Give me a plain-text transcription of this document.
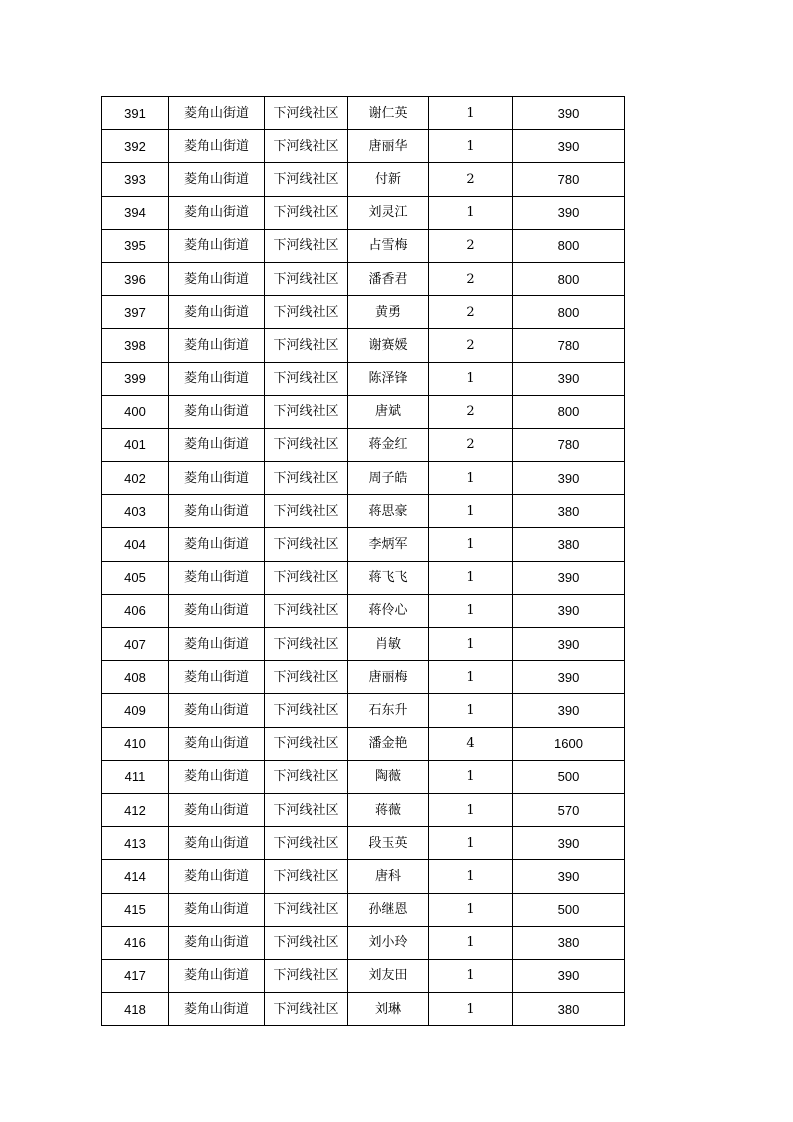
391	菱角山街道	下河线社区	谢仁英	1	390
392	菱角山街道	下河线社区	唐丽华	1	390
393	菱角山街道	下河线社区	付新	2	780
394	菱角山街道	下河线社区	刘灵江	1	390
395	菱角山街道	下河线社区	占雪梅	2	800
396	菱角山街道	下河线社区	潘香君	2	800
397	菱角山街道	下河线社区	黄勇	2	800
398	菱角山街道	下河线社区	谢赛媛	2	780
399	菱角山街道	下河线社区	陈泽锋	1	390
400	菱角山街道	下河线社区	唐斌	2	800
401	菱角山街道	下河线社区	蒋金红	2	780
402	菱角山街道	下河线社区	周子皓	1	390
403	菱角山街道	下河线社区	蒋思豪	1	380
404	菱角山街道	下河线社区	李炳军	1	380
405	菱角山街道	下河线社区	蒋飞飞	1	390
406	菱角山街道	下河线社区	蒋伶心	1	390
407	菱角山街道	下河线社区	肖敏	1	390
408	菱角山街道	下河线社区	唐丽梅	1	390
409	菱角山街道	下河线社区	石东升	1	390
410	菱角山街道	下河线社区	潘金艳	4	1600
411	菱角山街道	下河线社区	陶薇	1	500
412	菱角山街道	下河线社区	蒋薇	1	570
413	菱角山街道	下河线社区	段玉英	1	390
414	菱角山街道	下河线社区	唐科	1	390
415	菱角山街道	下河线社区	孙继恩	1	500
416	菱角山街道	下河线社区	刘小玲	1	380
417	菱角山街道	下河线社区	刘友田	1	390
418	菱角山街道	下河线社区	刘琳	1	380
